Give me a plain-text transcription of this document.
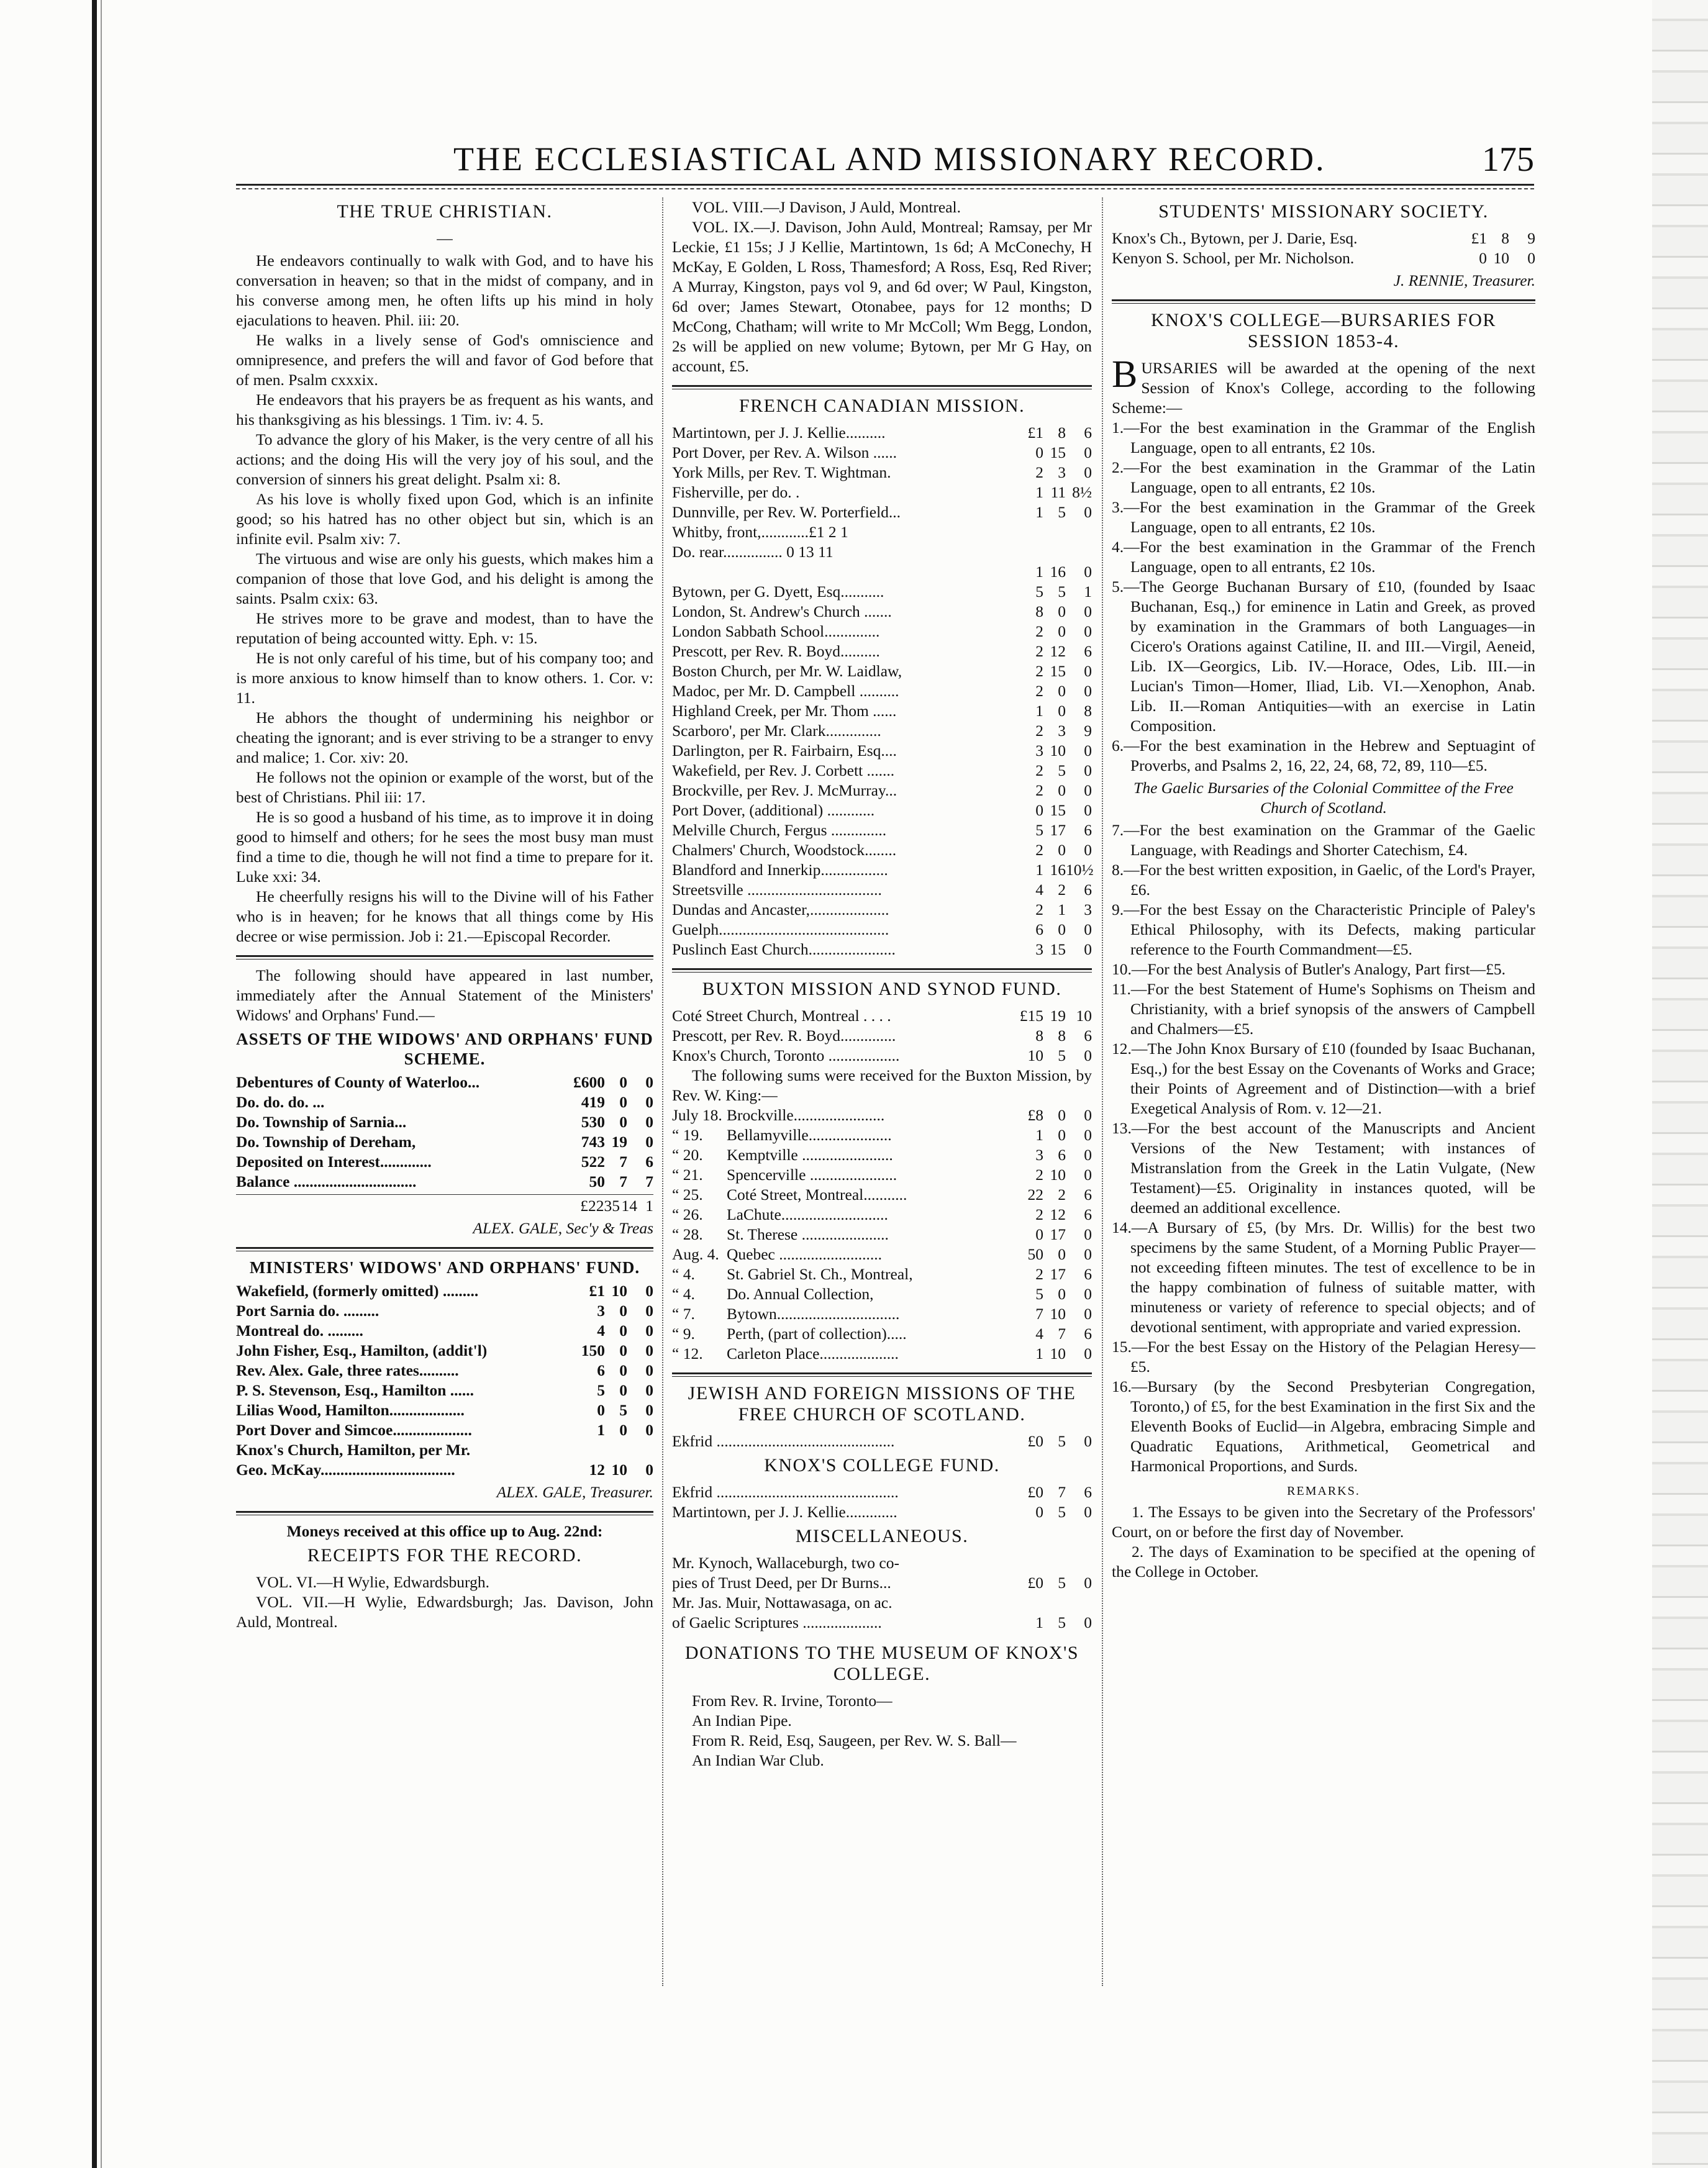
THE ECCLESIASTICAL AND MISSIONARY RECORD.	175
THE TRUE CHRISTIAN.
—

He endeavors continually to walk with God, and to have his conversation in heaven; so that in the midst of company, and in his converse among men, he often lifts up his mind in holy ejaculations to heaven. Phil. iii: 20.

He walks in a lively sense of God's omniscience and omnipresence, and prefers the will and favor of God before that of men. Psalm cxxxix.

He endeavors that his prayers be as frequent as his wants, and his thanksgiving as his blessings. 1 Tim. iv: 4. 5.

To advance the glory of his Maker, is the very centre of all his actions; and the doing His will the very joy of his soul, and the conversion of sinners his great delight. Psalm xi: 8.

As his love is wholly fixed upon God, which is an infinite good; so his hatred has no other object but sin, which is an infinite evil. Psalm xiv: 7.

The virtuous and wise are only his guests, which makes him a companion of those that love God, and his delight is among the saints. Psalm cxix: 63.

He strives more to be grave and modest, than to have the reputation of being accounted witty. Eph. v: 15.

He is not only careful of his time, but of his company too; and is more anxious to know himself than to know others. 1. Cor. v: 11.

He abhors the thought of undermining his neighbor or cheating the ignorant; and is ever striving to be a stranger to envy and malice; 1. Cor. xiv: 20.

He follows not the opinion or example of the worst, but of the best of Christians. Phil iii: 17.

He is so good a husband of his time, as to improve it in doing good to himself and others; for he sees the most busy man must find a time to die, though he will not find a time to prepare for it. Luke xxi: 34.

He cheerfully resigns his will to the Divine will of his Father who is in heaven; for he knows that all things come by His decree or wise permission. Job i: 21.—Episcopal Recorder.

The following should have appeared in last number, immediately after the Annual Statement of the Ministers' Widows' and Orphans' Fund.—

ASSETS OF THE WIDOWS' AND ORPHANS' FUND SCHEME.
Debentures of County of Waterloo...	£600 0	0
Do. do. do. ...	419 0	0
Do. Township of Sarnia...	530 0	0
Do. Township of Dereham,	743 19	0
Deposited on Interest.............	522 7	6
Balance ...............................	50 7	7
£2235 14 1
ALEX. GALE, Sec'y & Treas
MINISTERS' WIDOWS' AND ORPHANS' FUND.
Wakefield, (formerly omitted) .........	£1 10	0
Port Sarnia do. .........	3 0	0
Montreal do. .........	4 0	0
John Fisher, Esq., Hamilton, (addit'l)	150 0	0
Rev. Alex. Gale, three rates..........	6 0	0
P. S. Stevenson, Esq., Hamilton ......	5 0	0
Lilias Wood, Hamilton...................	0 5	0
Port Dover and Simcoe....................	1 0	0
Knox's Church, Hamilton, per Mr.
Geo. McKay..................................	12 10	0
ALEX. GALE, Treasurer.
Moneys received at this office up to Aug. 22nd:
RECEIPTS FOR THE RECORD.

VOL. VI.—H Wylie, Edwardsburgh.

VOL. VII.—H Wylie, Edwardsburgh; Jas. Davison, John Auld, Montreal.

VOL. VIII.—J Davison, J Auld, Montreal.

VOL. IX.—J. Davison, John Auld, Montreal; Ramsay, per Mr Leckie, £1 15s; J J Kellie, Martintown, 1s 6d; A McConechy, H McKay, E Golden, L Ross, Thamesford; A Ross, Esq, Red River; A Murray, Kingston, pays vol 9, and 6d over; W Paul, Kingston, 6d over; James Stewart, Otonabee, pays for 12 months; D McCong, Chatham; will write to Mr McColl; Wm Begg, London, 2s will be applied on new volume; Bytown, per Mr G Hay, on account, £5.

FRENCH CANADIAN MISSION.
Martintown, per J. J. Kellie..........	£1 8	6
Port Dover, per Rev. A. Wilson ......	0 15	0
York Mills, per Rev. T. Wightman.	2 3	0
Fisherville, per do. .	1 11 8½
Dunnville, per Rev. W. Porterfield...	1 5	0
Whitby, front,............£1 2 1
Do. rear............... 0 13 11
1 16	0
Bytown, per G. Dyett, Esq...........	5 5	1
London, St. Andrew's Church .......	8 0	0
London Sabbath School..............	2 0	0
Prescott, per Rev. R. Boyd..........	2 12	6
Boston Church, per Mr. W. Laidlaw,	2 15	0
Madoc, per Mr. D. Campbell ..........	2 0	0
Highland Creek, per Mr. Thom ......	1 0	8
Scarboro', per Mr. Clark..............	2 3	9
Darlington, per R. Fairbairn, Esq....	3 10	0
Wakefield, per Rev. J. Corbett .......	2 5	0
Brockville, per Rev. J. McMurray...	2 0	0
Port Dover, (additional) ............	0 15	0
Melville Church, Fergus ..............	5 17	6
Chalmers' Church, Woodstock........	2 0	0
Blandford and Innerkip.................	1 16 10½
Streetsville ..................................	4 2	6
Dundas and Ancaster,....................	2 1	3
Guelph...........................................	6 0	0
Puslinch East Church......................	3 15	0
BUXTON MISSION AND SYNOD FUND.
Coté Street Church, Montreal . . . .	£15 19 10
Prescott, per Rev. R. Boyd..............	8 8	6
Knox's Church, Toronto ..................	10 5	0

The following sums were received for the Buxton Mission, by Rev. W. King:—

July 18. Brockville.......................	£8 0	0
“ 19.	Bellamyville.....................	1 0	0
“ 20.	Kemptville .......................	3 6	0
“ 21.	Spencerville ......................	2 10	0
“ 25.	Coté Street, Montreal...........	22 2	6
“ 26.	LaChute...........................	2 12	6
“ 28.	St. Therese ......................	0 17	0
Aug. 4. Quebec ..........................	50 0	0
“ 4.	St. Gabriel St. Ch., Montreal,	2 17	6
“ 4.	Do. Annual Collection,	5 0	0
“ 7.	Bytown...............................	7 10	0
“ 9.	Perth, (part of collection).....	4 7	6
“ 12.	Carleton Place....................	1 10	0
JEWISH AND FOREIGN MISSIONS OF THE FREE CHURCH OF SCOTLAND.
Ekfrid .............................................	£0 5	0
KNOX'S COLLEGE FUND.
Ekfrid ..............................................	£0 7	6
Martintown, per J. J. Kellie.............	0 5	0
MISCELLANEOUS.
Mr. Kynoch, Wallaceburgh, two co-
pies of Trust Deed, per Dr Burns...	£0 5	0
Mr. Jas. Muir, Nottawasaga, on ac.
of Gaelic Scriptures ....................	1 5	0
DONATIONS TO THE MUSEUM OF KNOX'S COLLEGE.

From Rev. R. Irvine, Toronto—

An Indian Pipe.

From R. Reid, Esq, Saugeen, per Rev. W. S. Ball—

An Indian War Club.

STUDENTS' MISSIONARY SOCIETY.
Knox's Ch., Bytown, per J. Darie, Esq.	£1 8	9
Kenyon S. School, per Mr. Nicholson.	0 10	0
J. RENNIE, Treasurer.
KNOX'S COLLEGE—BURSARIES FOR SESSION 1853-4.
BURSARIES will be awarded at the opening of the next Session of Knox's College, according to the following Scheme:—

1.—For the best examination in the Grammar of the English Language, open to all entrants, £2 10s.

2.—For the best examination in the Grammar of the Latin Language, open to all entrants, £2 10s.

3.—For the best examination in the Grammar of the Greek Language, open to all entrants, £2 10s.

4.—For the best examination in the Grammar of the French Language, open to all entrants, £2 10s.

5.—The George Buchanan Bursary of £10, (founded by Isaac Buchanan, Esq.,) for eminence in Latin and Greek, as proved by examination in the Grammars of both Languages—in Cicero's Orations against Catiline, II. and III.—Virgil, Aeneid, Lib. IX—Georgics, Lib. IV.—Horace, Odes, Lib. III.—in Lucian's Timon—Homer, Iliad, Lib. VI.—Xenophon, Anab. Lib. II.—Roman Antiquities—with an exercise in Latin Composition.

6.—For the best examination in the Hebrew and Septuagint of Proverbs, and Psalms 2, 16, 22, 24, 68, 72, 89, 110—£5.

The Gaelic Bursaries of the Colonial Committee of the Free Church of Scotland.

7.—For the best examination on the Grammar of the Gaelic Language, with Readings and Shorter Catechism, £4.

8.—For the best written exposition, in Gaelic, of the Lord's Prayer, £6.

9.—For the best Essay on the Characteristic Principle of Paley's Ethical Philosophy, with its Defects, making particular reference to the Fourth Commandment—£5.

10.—For the best Analysis of Butler's Analogy, Part first—£5.

11.—For the best Statement of Hume's Sophisms on Theism and Christianity, with a brief synopsis of the answers of Campbell and Chalmers—£5.

12.—The John Knox Bursary of £10 (founded by Isaac Buchanan, Esq.,) for the best Essay on the Covenants of Works and Grace; their Points of Agreement and of Distinction—with a brief Exegetical Analysis of Rom. v. 12—21.

13.—For the best account of the Manuscripts and Ancient Versions of the New Testament; with instances of Mistranslation from the Greek in the Latin Vulgate, (New Testament)—£5. Originality in instances quoted, will be deemed an additional excellence.

14.—A Bursary of £5, (by Mrs. Dr. Willis) for the best two specimens by the same Student, of a Morning Public Prayer—not exceeding fifteen minutes. The test of excellence to be in the happy combination of fulness of suitable matter, with minuteness or variety of reference to special objects; and of devotional sentiment, with appropriate and varied expression.

15.—For the best Essay on the History of the Pelagian Heresy—£5.

16.—Bursary (by the Second Presbyterian Congregation, Toronto,) of £5, for the best Examination in the first Six and the Eleventh Books of Euclid—in Algebra, embracing Simple and Quadratic Equations, Arithmetical, Geometrical and Harmonical Proportions, and Surds.

REMARKS.

1. The Essays to be given into the Secretary of the Professors' Court, on or before the first day of November.

2. The days of Examination to be specified at the opening of the College in October.
